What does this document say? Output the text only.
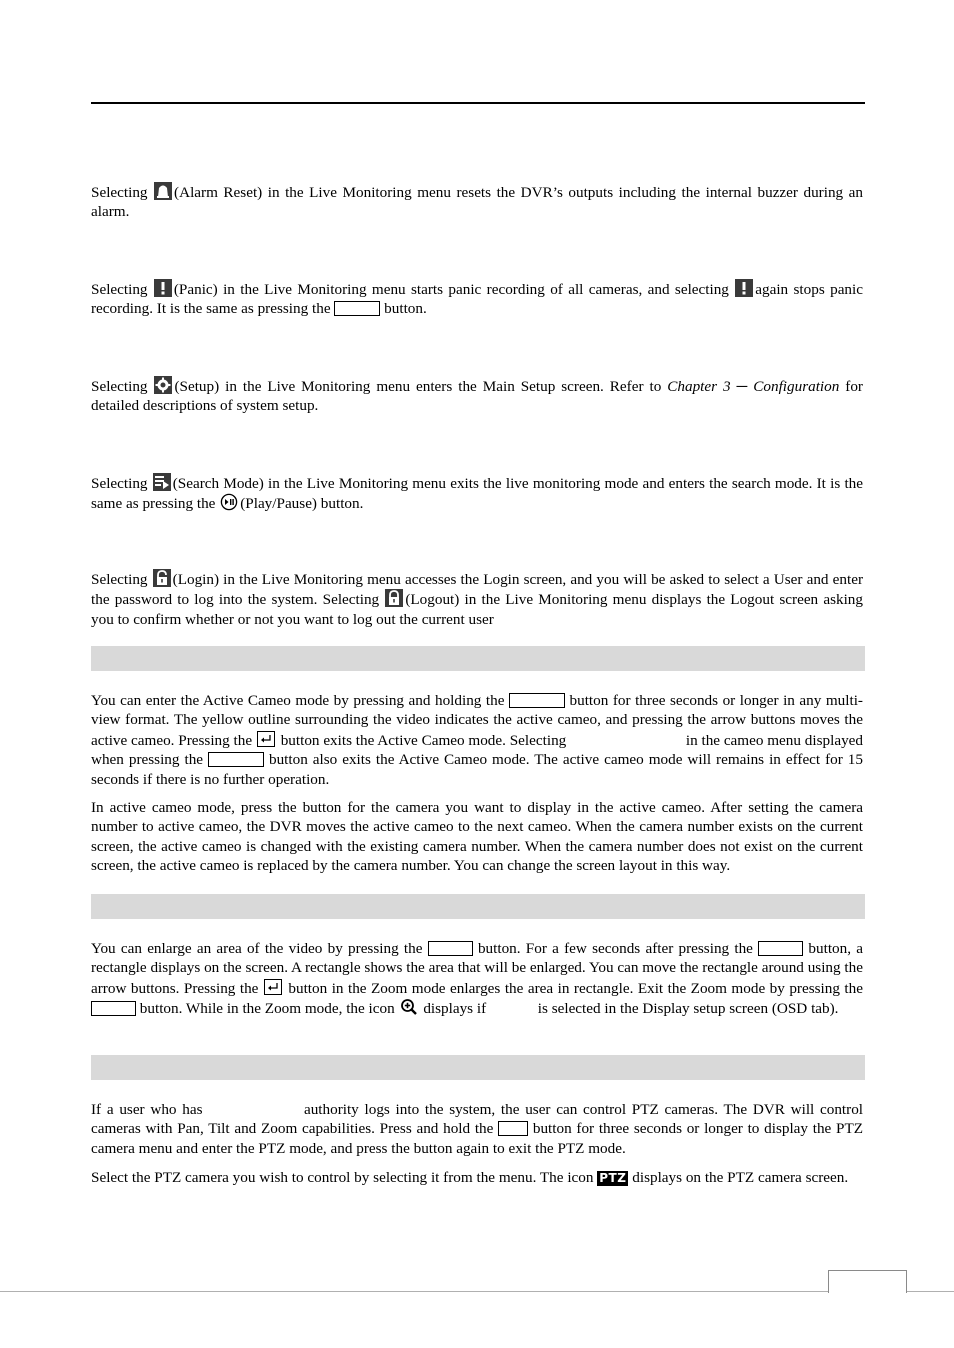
Selecting
(Alarm Reset) in the Live Monitoring menu resets the DVR’s outputs including the internal buzzer during an alarm.

Selecting
(Panic) in the Live Monitoring menu starts panic recording of all cameras, and selecting
again stops panic recording. It is the same as pressing the	button.

Selecting
(Setup) in the Live Monitoring menu enters the Main Setup screen. Refer to Chapter 3 ─ Configuration for detailed descriptions of system setup.

Selecting
(Search Mode) in the Live Monitoring menu exits the live monitoring mode and enters the search mode. It is the same as pressing the
(Play/Pause) button.

Selecting
(Login) in the Live Monitoring menu accesses the Login screen, and you will be asked to select a User and enter the password to log into the system. Selecting
(Logout) in the Live Monitoring menu displays the Logout screen asking you to confirm whether or not you want to log out the current user

You can enter the Active Cameo mode by pressing and holding the	button for three seconds or longer in any multi-view format. The yellow outline surrounding the video indicates the active cameo, and pressing the arrow buttons moves the active cameo. Pressing the
button exits the Active Cameo mode. Selecting	in the cameo menu displayed when pressing the	button also exits the Active Cameo mode. The active cameo mode will remains in effect for 15 seconds if there is no further operation.

In active cameo mode, press the button for the camera you want to display in the active cameo. After setting the camera number to active cameo, the DVR moves the active cameo to the next cameo. When the camera number exists on the current screen, the active cameo is changed with the existing camera number. When the camera number does not exist on the current screen, the active cameo is replaced by the camera number. You can change the screen layout in this way.

You can enlarge an area of the video by pressing the	button. For a few seconds after pressing the	button, a rectangle displays on the screen. A rectangle shows the area that will be enlarged. You can move the rectangle around using the arrow buttons. Pressing the
button in the Zoom mode enlarges the area in rectangle. Exit the Zoom mode by pressing the  button. While in the Zoom mode, the icon
displays if	is selected in the Display setup screen (OSD tab).

If a user who has	authority logs into the system, the user can control PTZ cameras. The DVR will control cameras with Pan, Tilt and Zoom capabilities. Press and hold the  button for three seconds or longer to display the PTZ camera menu and enter the PTZ mode, and press the button again to exit the PTZ mode.

Select the PTZ camera you wish to control by selecting it from the menu. The icon PTZ displays on the PTZ camera screen.
